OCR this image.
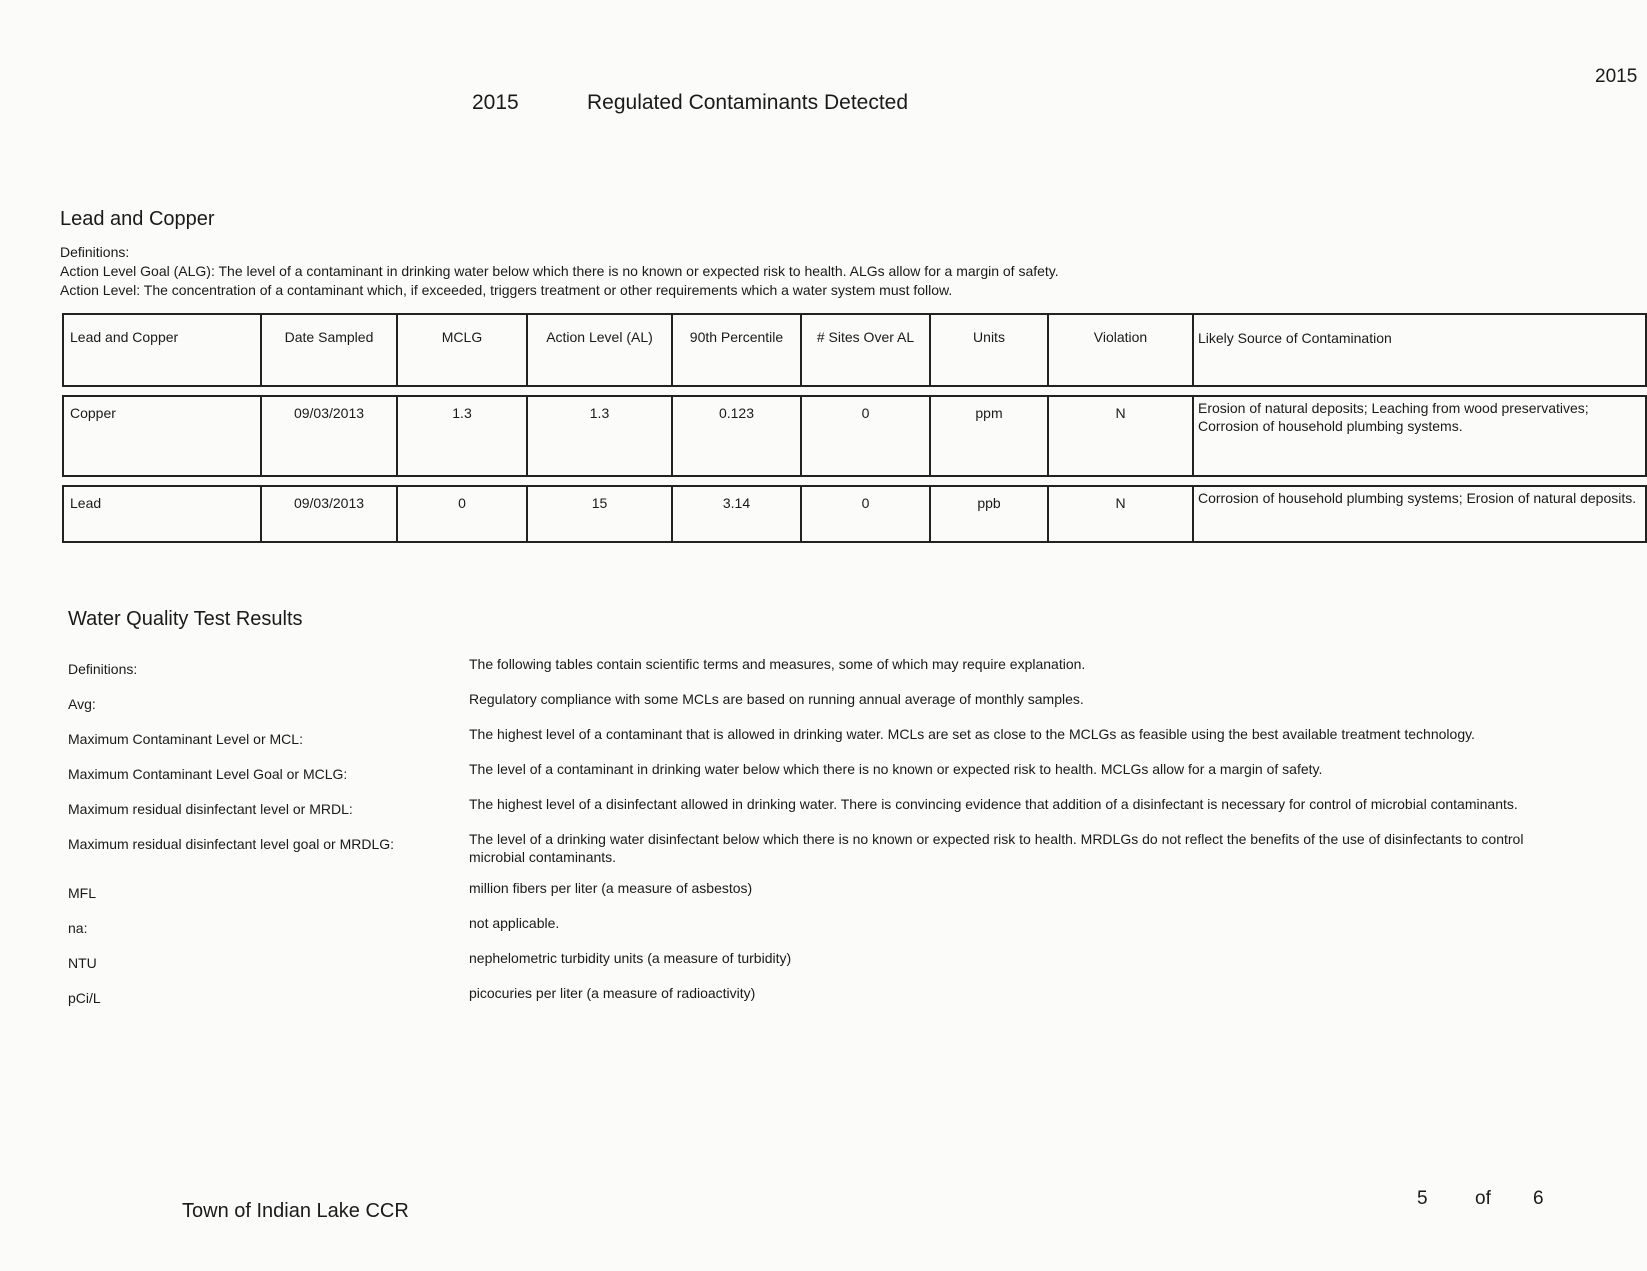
2015
2015	Regulated Contaminants Detected
Lead and Copper
Definitions:
Action Level Goal (ALG): The level of a contaminant in drinking water below which there is no known or expected risk to health. ALGs allow for a margin of safety.
Action Level: The concentration of a contaminant which, if exceeded, triggers treatment or other requirements which a water system must follow.
Lead and Copper	Date Sampled	MCLG	Action Level (AL)	90th Percentile	# Sites Over AL	Units	Violation	Likely Source of Contamination

Copper	09/03/2013	1.3	1.3	0.123	0	ppm	N	Erosion of natural deposits; Leaching from wood preservatives; Corrosion of household plumbing systems.

Lead	09/03/2013	0	15	3.14	0	ppb	N	Corrosion of household plumbing systems; Erosion of natural deposits.
Water Quality Test Results
Definitions:	The following tables contain scientific terms and measures, some of which may require explanation.
Avg:	Regulatory compliance with some MCLs are based on running annual average of monthly samples.
Maximum Contaminant Level or MCL:	The highest level of a contaminant that is allowed in drinking water. MCLs are set as close to the MCLGs as feasible using the best available treatment technology.
Maximum Contaminant Level Goal or MCLG:	The level of a contaminant in drinking water below which there is no known or expected risk to health. MCLGs allow for a margin of safety.
Maximum residual disinfectant level or MRDL:	The highest level of a disinfectant allowed in drinking water. There is convincing evidence that addition of a disinfectant is necessary for control of microbial contaminants.
Maximum residual disinfectant level goal or MRDLG:	The level of a drinking water disinfectant below which there is no known or expected risk to health. MRDLGs do not reflect the benefits of the use of disinfectants to control microbial contaminants.
MFL	million fibers per liter (a measure of asbestos)
na:	not applicable.
NTU	nephelometric turbidity units (a measure of turbidity)
pCi/L	picocuries per liter (a measure of radioactivity)
Town of Indian Lake CCR
5 of 6
